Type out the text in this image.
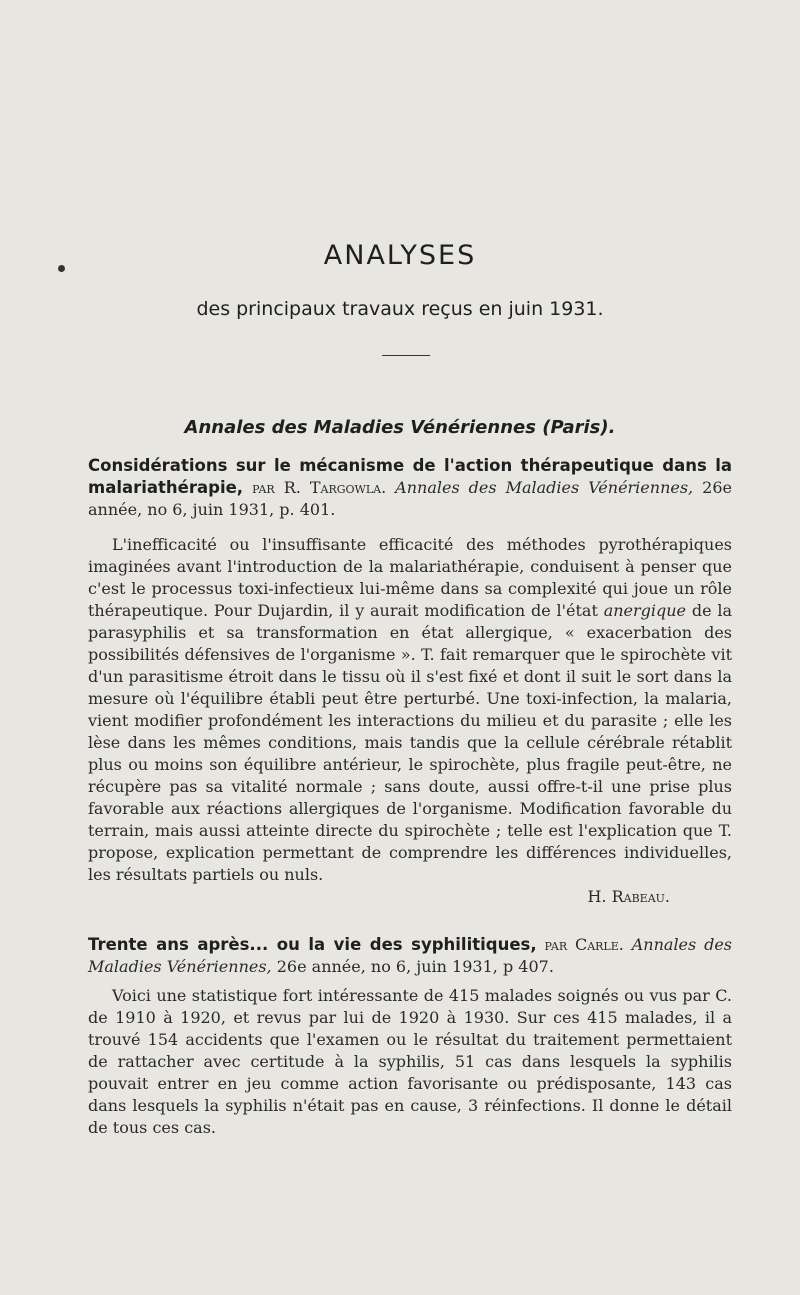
ANALYSES
des principaux travaux reçus en juin 1931.
Annales des Maladies Vénériennes (Paris).

Considérations sur le mécanisme de l'action thérapeutique dans la malariathérapie, par R. Targowla. Annales des Maladies Vénériennes, 26e année, no 6, juin 1931, p. 401.

L'inefficacité ou l'insuffisante efficacité des méthodes pyrothérapiques imaginées avant l'introduction de la malariathérapie, conduisent à penser que c'est le processus toxi-infectieux lui-même dans sa complexité qui joue un rôle thérapeutique. Pour Dujardin, il y aurait modification de l'état anergique de la parasyphilis et sa transformation en état allergique, « exacerbation des possibilités défensives de l'organisme ». T. fait remarquer que le spirochète vit d'un parasitisme étroit dans le tissu où il s'est fixé et dont il suit le sort dans la mesure où l'équilibre établi peut être perturbé. Une toxi-infection, la malaria, vient modifier profondément les interactions du milieu et du parasite ; elle les lèse dans les mêmes conditions, mais tandis que la cellule cérébrale rétablit plus ou moins son équilibre antérieur, le spirochète, plus fragile peut-être, ne récupère pas sa vitalité normale ; sans doute, aussi offre-t-il une prise plus favorable aux réactions allergiques de l'organisme. Modification favorable du terrain, mais aussi atteinte directe du spirochète ; telle est l'explication que T. propose, explication permettant de comprendre les différences individuelles, les résultats partiels ou nuls.

H. Rabeau.

Trente ans après... ou la vie des syphilitiques, par Carle. Annales des Maladies Vénériennes, 26e année, no 6, juin 1931, p 407.

Voici une statistique fort intéressante de 415 malades soignés ou vus par C. de 1910 à 1920, et revus par lui de 1920 à 1930. Sur ces 415 malades, il a trouvé 154 accidents que l'examen ou le résultat du traitement permettaient de rattacher avec certitude à la syphilis, 51 cas dans lesquels la syphilis pouvait entrer en jeu comme action favorisante ou prédisposante, 143 cas dans lesquels la syphilis n'était pas en cause, 3 réinfections. Il donne le détail de tous ces cas.
